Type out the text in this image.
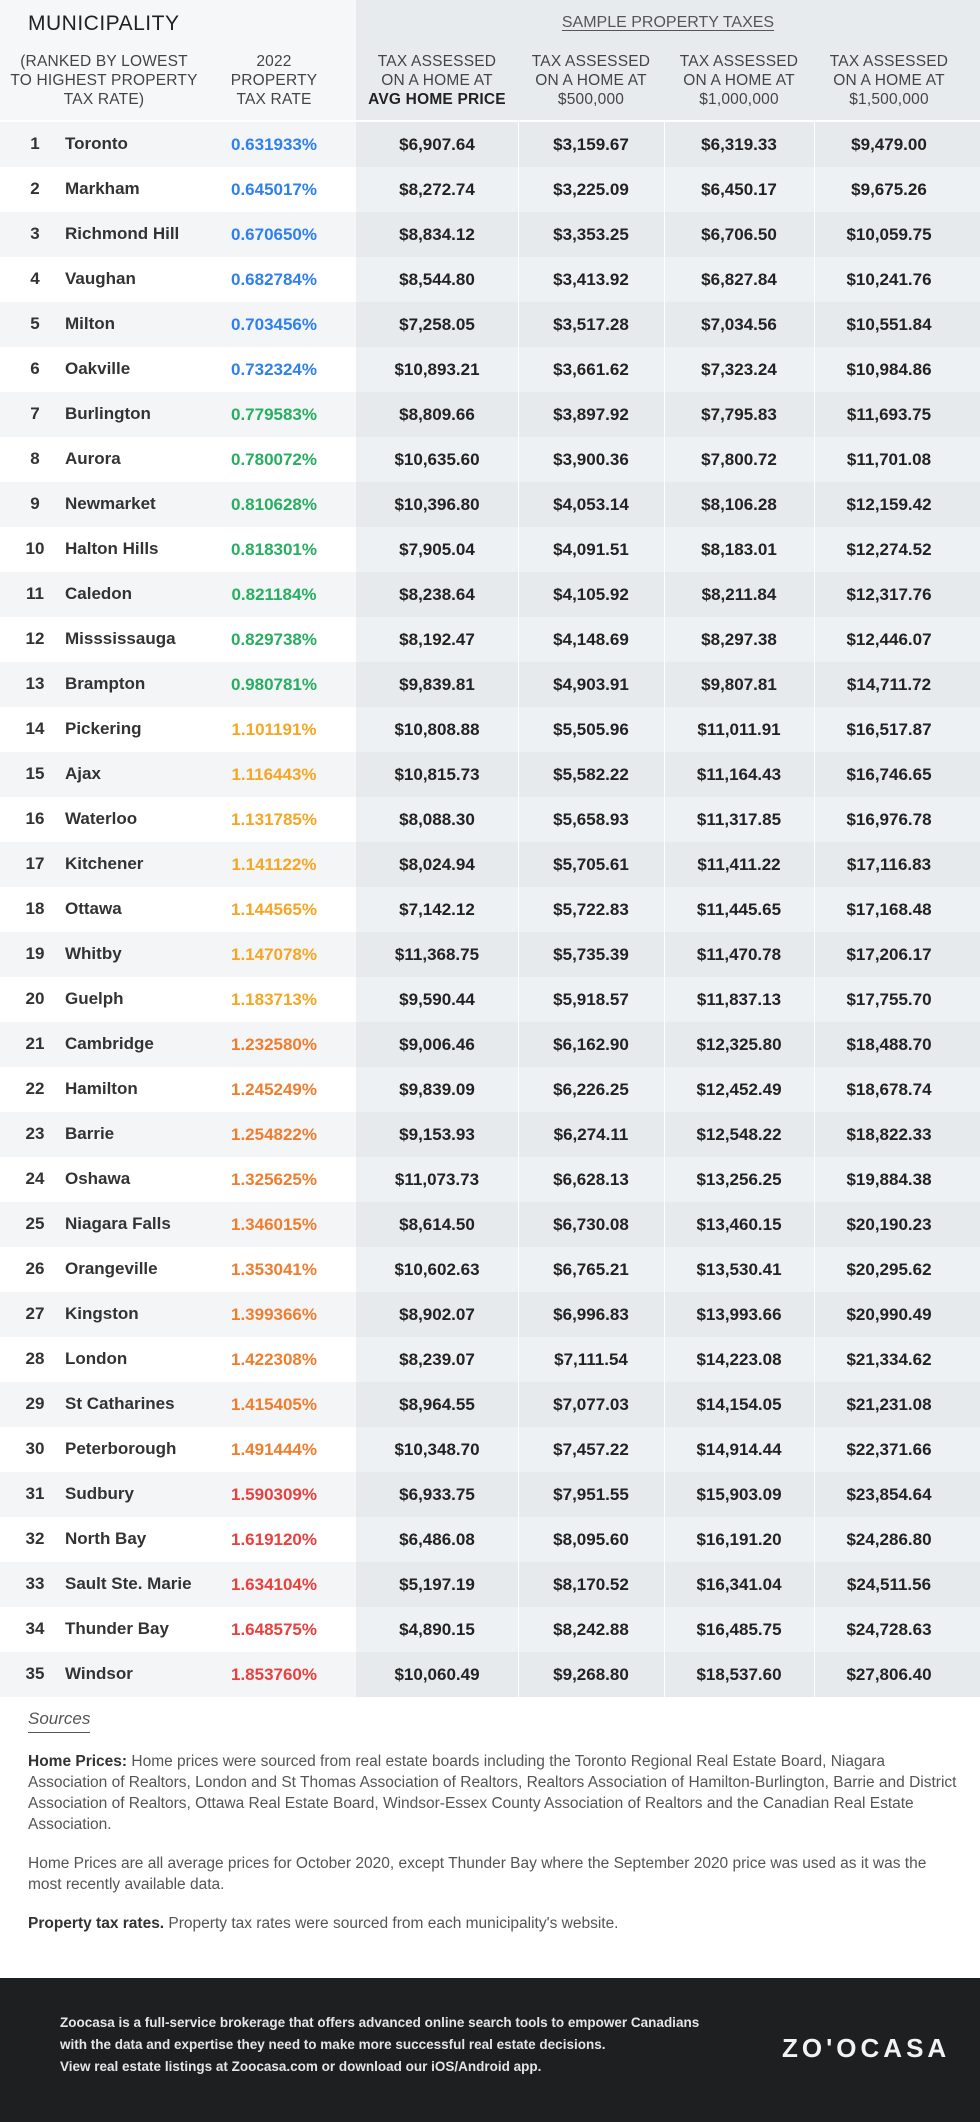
MUNICIPALITY	SAMPLE PROPERTY TAXES
(RANKED BY LOWEST
TO HIGHEST PROPERTY
TAX RATE)
2022
PROPERTY
TAX RATE
TAX ASSESSED
ON A HOME AT
AVG HOME PRICE
TAX ASSESSED
ON A HOME AT
$500,000
TAX ASSESSED
ON A HOME AT
$1,000,000
TAX ASSESSED
ON A HOME AT
$1,500,000
1	Toronto	0.631933%	$6,907.64	$3,159.67	$6,319.33	$9,479.00
2	Markham	0.645017%	$8,272.74	$3,225.09	$6,450.17	$9,675.26
3	Richmond Hill	0.670650%	$8,834.12	$3,353.25	$6,706.50	$10,059.75
4	Vaughan	0.682784%	$8,544.80	$3,413.92	$6,827.84	$10,241.76
5	Milton	0.703456%	$7,258.05	$3,517.28	$7,034.56	$10,551.84
6	Oakville	0.732324%	$10,893.21	$3,661.62	$7,323.24	$10,984.86
7	Burlington	0.779583%	$8,809.66	$3,897.92	$7,795.83	$11,693.75
8	Aurora	0.780072%	$10,635.60	$3,900.36	$7,800.72	$11,701.08
9	Newmarket	0.810628%	$10,396.80	$4,053.14	$8,106.28	$12,159.42
10	Halton Hills	0.818301%	$7,905.04	$4,091.51	$8,183.01	$12,274.52
11	Caledon	0.821184%	$8,238.64	$4,105.92	$8,211.84	$12,317.76
12	Misssissauga	0.829738%	$8,192.47	$4,148.69	$8,297.38	$12,446.07
13	Brampton	0.980781%	$9,839.81	$4,903.91	$9,807.81	$14,711.72
14	Pickering	1.101191%	$10,808.88	$5,505.96	$11,011.91	$16,517.87
15	Ajax	1.116443%	$10,815.73	$5,582.22	$11,164.43	$16,746.65
16	Waterloo	1.131785%	$8,088.30	$5,658.93	$11,317.85	$16,976.78
17	Kitchener	1.141122%	$8,024.94	$5,705.61	$11,411.22	$17,116.83
18	Ottawa	1.144565%	$7,142.12	$5,722.83	$11,445.65	$17,168.48
19	Whitby	1.147078%	$11,368.75	$5,735.39	$11,470.78	$17,206.17
20	Guelph	1.183713%	$9,590.44	$5,918.57	$11,837.13	$17,755.70
21	Cambridge	1.232580%	$9,006.46	$6,162.90	$12,325.80	$18,488.70
22	Hamilton	1.245249%	$9,839.09	$6,226.25	$12,452.49	$18,678.74
23	Barrie	1.254822%	$9,153.93	$6,274.11	$12,548.22	$18,822.33
24	Oshawa	1.325625%	$11,073.73	$6,628.13	$13,256.25	$19,884.38
25	Niagara Falls	1.346015%	$8,614.50	$6,730.08	$13,460.15	$20,190.23
26	Orangeville	1.353041%	$10,602.63	$6,765.21	$13,530.41	$20,295.62
27	Kingston	1.399366%	$8,902.07	$6,996.83	$13,993.66	$20,990.49
28	London	1.422308%	$8,239.07	$7,111.54	$14,223.08	$21,334.62
29	St Catharines	1.415405%	$8,964.55	$7,077.03	$14,154.05	$21,231.08
30	Peterborough	1.491444%	$10,348.70	$7,457.22	$14,914.44	$22,371.66
31	Sudbury	1.590309%	$6,933.75	$7,951.55	$15,903.09	$23,854.64
32	North Bay	1.619120%	$6,486.08	$8,095.60	$16,191.20	$24,286.80
33	Sault Ste. Marie	1.634104%	$5,197.19	$8,170.52	$16,341.04	$24,511.56
34	Thunder Bay	1.648575%	$4,890.15	$8,242.88	$16,485.75	$24,728.63
35	Windsor	1.853760%	$10,060.49	$9,268.80	$18,537.60	$27,806.40
Sources

Home Prices: Home prices were sourced from real estate boards including the Toronto Regional Real Estate Board, Niagara Association of Realtors, London and St Thomas Association of Realtors, Realtors Association of Hamilton-Burlington, Barrie and District Association of Realtors, Ottawa Real Estate Board, Windsor-Essex County Association of Realtors and the Canadian Real Estate Association.

Home Prices are all average prices for October 2020, except Thunder Bay where the September 2020 price was used as it was the most recently available data.

Property tax rates. Property tax rates were sourced from each municipality's website.

Zoocasa is a full-service brokerage that offers advanced online search tools to empower Canadians
with the data and expertise they need to make more successful real estate decisions.
View real estate listings at Zoocasa.com or download our iOS/Android app.
ZO'OCASA
